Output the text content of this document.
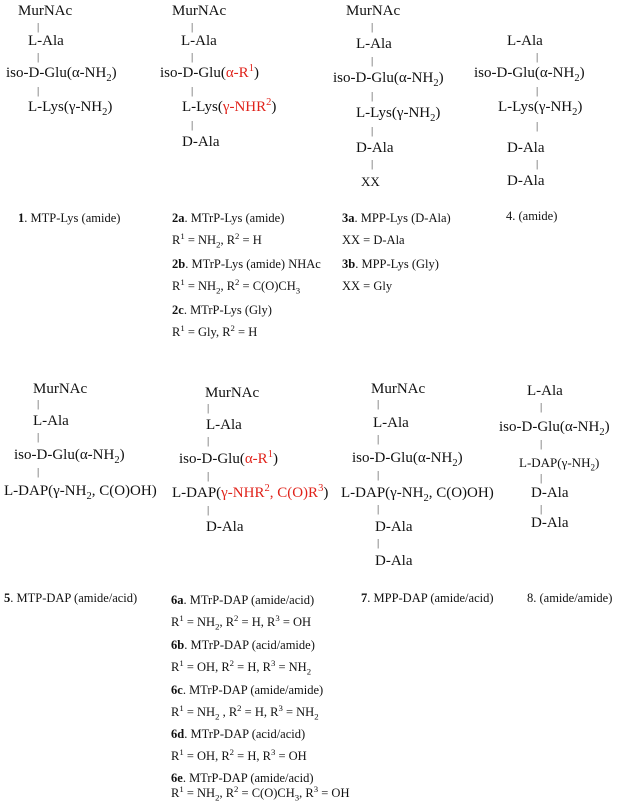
MurNAc
|
L-Ala
|
iso-$D-Glu(\alpha-NH_2)$
|
$L-Lys(\gamma-NH_2)$
MurNAc
|
L-Ala
|
iso-$D-Glu(\alpha-R^1)$
|
L-Lys(γ-NHR$^2$)
|
D-Ala
MurNAc
|
L-Ala
|
iso-$D-Glu(\alpha-NH_2)$
|
$L-Lys(\gamma-NH_2)$
|
D-Ala
|
XX
L-Ala
|
iso-$D-Glu(\alpha-NH_2)$
|
$L-Lys(\gamma-NH_2)$
|
D-Ala
|
D-Ala
1. MTP-Lys (amide)	2a. MTrP-Lys (amide)
$R^1 = NH_2$, $R^2 = H$
2b. MTrP-Lys (amide) NHAc
$R^1 = NH_2$, $R^2 = C(O)CH_3$
2c. MTrP-Lys (Gly)
$R^1$ = Gly, $R^2 = H$
3a. MPP-Lys (D-Ala)
XX = D-Ala
3b. MPP-Lys (Gly)
XX = Gly
4. (amide)
MurNAc
|
L-Ala
|
iso-$D-Glu(\alpha-NH_2)$
|
$L-DAP(\gamma-NH_2$, C(O)OH)
MurNAc
|
L-Ala
|
iso-$D-Glu(\alpha-R^1)$
|
L-DAP(γ-NHR$^2$, $C(O)R^3$)
|
D-Ala
MurNAc
|
L-Ala
|
iso-$D-Glu(\alpha-NH_2)$
|
$L-DAP(\gamma-NH_2$, C(O)OH)
|
D-Ala
|
D-Ala
L-Ala
|
iso-$D-Glu(\alpha-NH_2)$
|
$L-DAP(\gamma-NH_2)$
|
D-Ala
|
D-Ala
5. MTP-DAP (amide/acid)	6a. MTrP-DAP (amide/acid)
$R^1 = NH_2$, $R^2 = H$, $R^3$ = OH
6b. MTrP-DAP (acid/amide)
$R^1$ = OH, $R^2 = H$, $R^3 = NH_2$
6c. MTrP-DAP (amide/amide)
$R^1 = NH_2$ , $R^2 = H$, $R^3 = NH_2$
6d. MTrP-DAP (acid/acid)
$R^1$ = OH, $R^2 = H$, $R^3$ = OH
6e. MTrP-DAP (amide/acid)
$R^1 = NH_2$, $R^2 = C(O)CH_3$, $R^3$ = OH
7. MPP-DAP (amide/acid)	8. (amide/amide)
